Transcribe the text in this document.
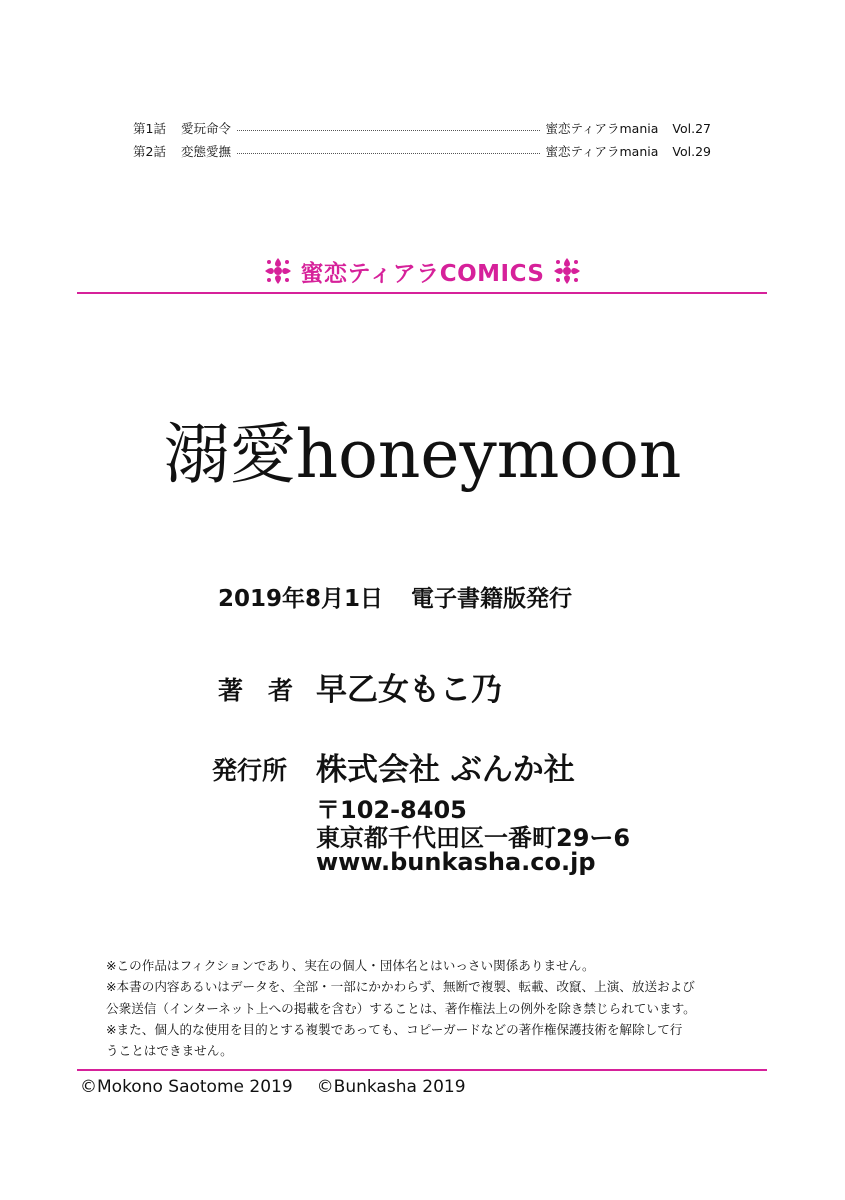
第1話	愛玩命令	蜜恋ティアラmania Vol.27
第2話	変態愛撫	蜜恋ティアラmania Vol.29
蜜恋ティアラCOMICS
溺愛honeymoon
2019年8月1日 電子書籍版発行
著　者 早乙女もこ乃
発行所 株式会社 ぶんか社
〒102-8405
東京都千代田区一番町29ー6
www.bunkasha.co.jp
※この作品はフィクションであり、実在の個人・団体名とはいっさい関係ありません。
※本書の内容あるいはデータを、全部・一部にかかわらず、無断で複製、転載、改竄、上演、放送および
公衆送信（インターネット上への掲載を含む）することは、著作権法上の例外を除き禁じられています。
※また、個人的な使用を目的とする複製であっても、コピーガードなどの著作権保護技術を解除して行
うことはできません。
©Mokono Saotome 2019 ©Bunkasha 2019
